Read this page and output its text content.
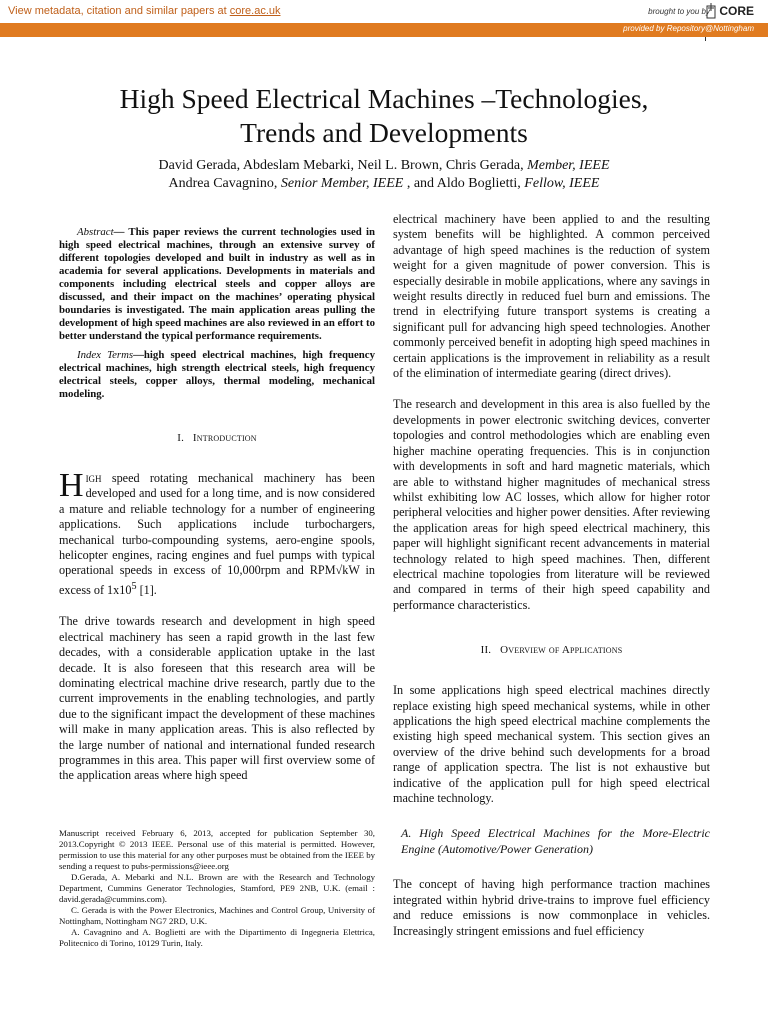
View metadata, citation and similar papers at core.ac.uk	brought to you by CORE
provided by Repository@Nottingham
High Speed Electrical Machines –Technologies,
Trends and Developments
David Gerada, Abdeslam Mebarki, Neil L. Brown, Chris Gerada, Member, IEEE
Andrea Cavagnino, Senior Member, IEEE , and Aldo Boglietti, Fellow, IEEE

Abstract— This paper reviews the current technologies used in high speed electrical machines, through an extensive survey of different topologies developed and built in industry as well as in academia for several applications. Developments in materials and components including electrical steels and copper alloys are discussed, and their impact on the machines’ operating physical boundaries is investigated. The main application areas pulling the development of high speed machines are also reviewed in an effort to better understand the typical performance requirements.

Index Terms—high speed electrical machines, high frequency electrical machines, high strength electrical steels, high frequency electrical steels, copper alloys, thermal modeling, mechanical modeling.

I. Introduction

High speed rotating mechanical machinery has been developed and used for a long time, and is now considered a mature and reliable technology for a number of engineering applications. Such applications include turbochargers, mechanical turbo-compounding systems, aero-engine spools, helicopter engines, racing engines and fuel pumps with typical operational speeds in excess of 10,000rpm and RPM√kW in excess of $1x10^5$ [1].

The drive towards research and development in high speed electrical machinery has seen a rapid growth in the last few decades, with a considerable application uptake in the last decade. It is also foreseen that this research area will be dominating electrical machine drive research, partly due to the current improvements in the enabling technologies, and partly due to the significant impact the development of these machines will make in many application areas. This is also reflected by the large number of national and international funded research programmes in this area. This paper will first overview some of the application areas where high speed

Manuscript received February 6, 2013, accepted for publication September 30, 2013.Copyright © 2013 IEEE. Personal use of this material is permitted. However, permission to use this material for any other purposes must be obtained from the IEEE by sending a request to pubs-permissions@ieee.org

D.Gerada, A. Mebarki and N.L. Brown are with the Research and Technology Department, Cummins Generator Technologies, Stamford, PE9 2NB, U.K. (email : david.gerada@cummins.com).

C. Gerada is with the Power Electronics, Machines and Control Group, University of Nottingham, Nottingham NG7 2RD, U.K.

A. Cavagnino and A. Boglietti are with the Dipartimento di Ingegneria Elettrica, Politecnico di Torino, 10129 Turin, Italy.

electrical machinery have been applied to and the resulting system benefits will be highlighted. A common perceived advantage of high speed machines is the reduction of system weight for a given magnitude of power conversion. This is especially desirable in mobile applications, where any savings in weight results directly in reduced fuel burn and emissions. The trend in electrifying future transport systems is creating a significant pull for advancing high speed technologies. Another commonly perceived benefit in adopting high speed machines in certain applications is the improvement in reliability as a result of the elimination of intermediate gearing (direct drives).

The research and development in this area is also fuelled by the developments in power electronic switching devices, converter topologies and control methodologies which are enabling even higher machine operating frequencies. This is in conjunction with developments in soft and hard magnetic materials, which are able to withstand higher magnitudes of mechanical stress whilst exhibiting low AC losses, which allow for higher rotor peripheral velocities and higher power densities. After reviewing the application areas for high speed electrical machinery, this paper will highlight significant recent advancements in material technology related to high speed machines. Then, different electrical machine topologies from literature will be reviewed and compared in terms of their high speed capability and performance characteristics.

II. Overview of Applications

In some applications high speed electrical machines directly replace existing high speed mechanical systems, while in other applications the high speed electrical machine complements the existing high speed mechanical system. This section gives an overview of the drive behind such developments for a broad range of application spectra. The list is not exhaustive but indicative of the application pull for high speed electrical machine technology.

A. High Speed Electrical Machines for the More-Electric Engine (Automotive/Power Generation)

The concept of having high performance traction machines integrated within hybrid drive-trains to improve fuel efficiency and reduce emissions is now commonplace in vehicles. Increasingly stringent emissions and fuel efficiency
